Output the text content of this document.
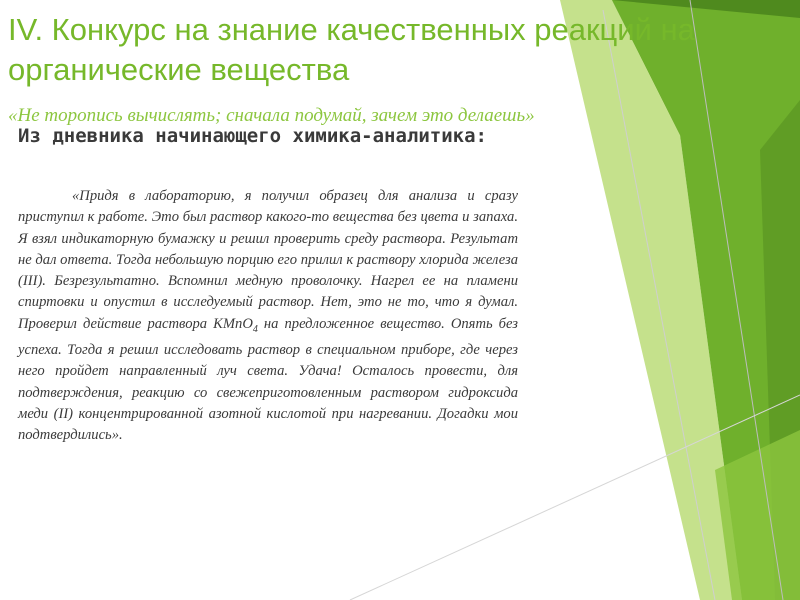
IV. Конкурс на знание качественных реакций на органические вещества
«Не торопись вычислять; сначала подумай, зачем это делаешь»
Из дневника начинающего химика-аналитика:

«Придя в лабораторию, я получил образец для анализа и сразу приступил к работе. Это был раствор какого-то вещества без цвета и запаха. Я взял индикаторную бумажку и решил проверить среду раствора. Результат не дал ответа. Тогда небольшую порцию его прилил к раствору хлорида железа (III). Безрезультатно. Вспомнил медную проволочку. Нагрел ее на пламени спиртовки и опустил в исследуемый раствор. Нет, это не то, что я думал. Проверил действие раствора KMnO$_4$ на предложенное вещество. Опять без успеха. Тогда я решил исследовать раствор в специальном приборе, где через него пройдет направленный луч света. Удача! Осталось провести, для подтверждения, реакцию со свежеприготовленным раствором гидроксида меди (II) концентрированной азотной кислотой при нагревании. Догадки мои подтвердились».
